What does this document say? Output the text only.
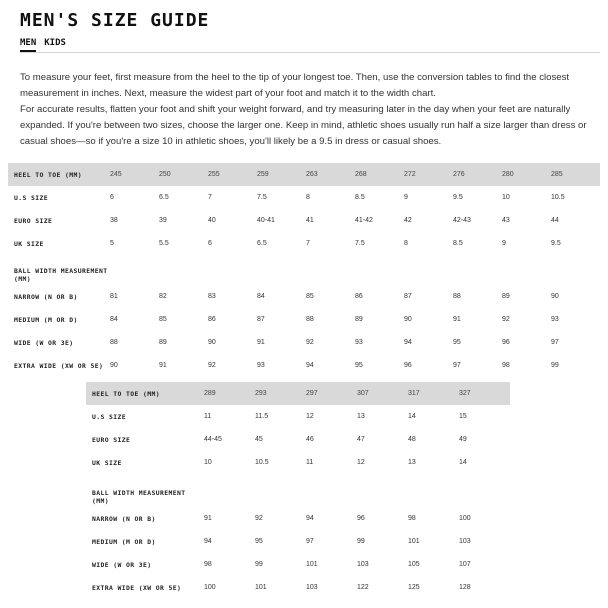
MEN'S SIZE GUIDE
MEN KIDS

To measure your feet, first measure from the heel to the tip of your longest toe. Then, use the conversion tables to find the closest measurement in inches. Next, measure the widest part of your foot and match it to the width chart.

For accurate results, flatten your foot and shift your weight forward, and try measuring later in the day when your feet are naturally expanded. If you're between two sizes, choose the larger one. Keep in mind, athletic shoes usually run half a size larger than dress or casual shoes—so if you're a size 10 in athletic shoes, you'll likely be a 9.5 in dress or casual shoes.

HEEL TO TOE (MM)	245	250	255	259	263	268	272	276	280	285
U.S SIZE	6	6.5	7	7.5	8	8.5	9	9.5	10	10.5
EURO SIZE	38	39	40	40-41	41	41-42	42	42-43	43	44
UK SIZE	5	5.5	6	6.5	7	7.5	8	8.5	9	9.5
BALL WIDTH MEASUREMENT (MM)										
NARROW (N OR B)	81	82	83	84	85	86	87	88	89	90
MEDIUM (M OR D)	84	85	86	87	88	89	90	91	92	93
WIDE (W OR 3E)	88	89	90	91	92	93	94	95	96	97
EXTRA WIDE (XW OR 5E)	90	91	92	93	94	95	96	97	98	99
HEEL TO TOE (MM)	289	293	297	307	317	327
U.S SIZE	11	11.5	12	13	14	15
EURO SIZE	44-45	45	46	47	48	49
UK SIZE	10	10.5	11	12	13	14
BALL WIDTH MEASUREMENT (MM)						
NARROW (N OR B)	91	92	94	96	98	100
MEDIUM (M OR D)	94	95	97	99	101	103
WIDE (W OR 3E)	98	99	101	103	105	107
EXTRA WIDE (XW OR 5E)	100	101	103	122	125	128
